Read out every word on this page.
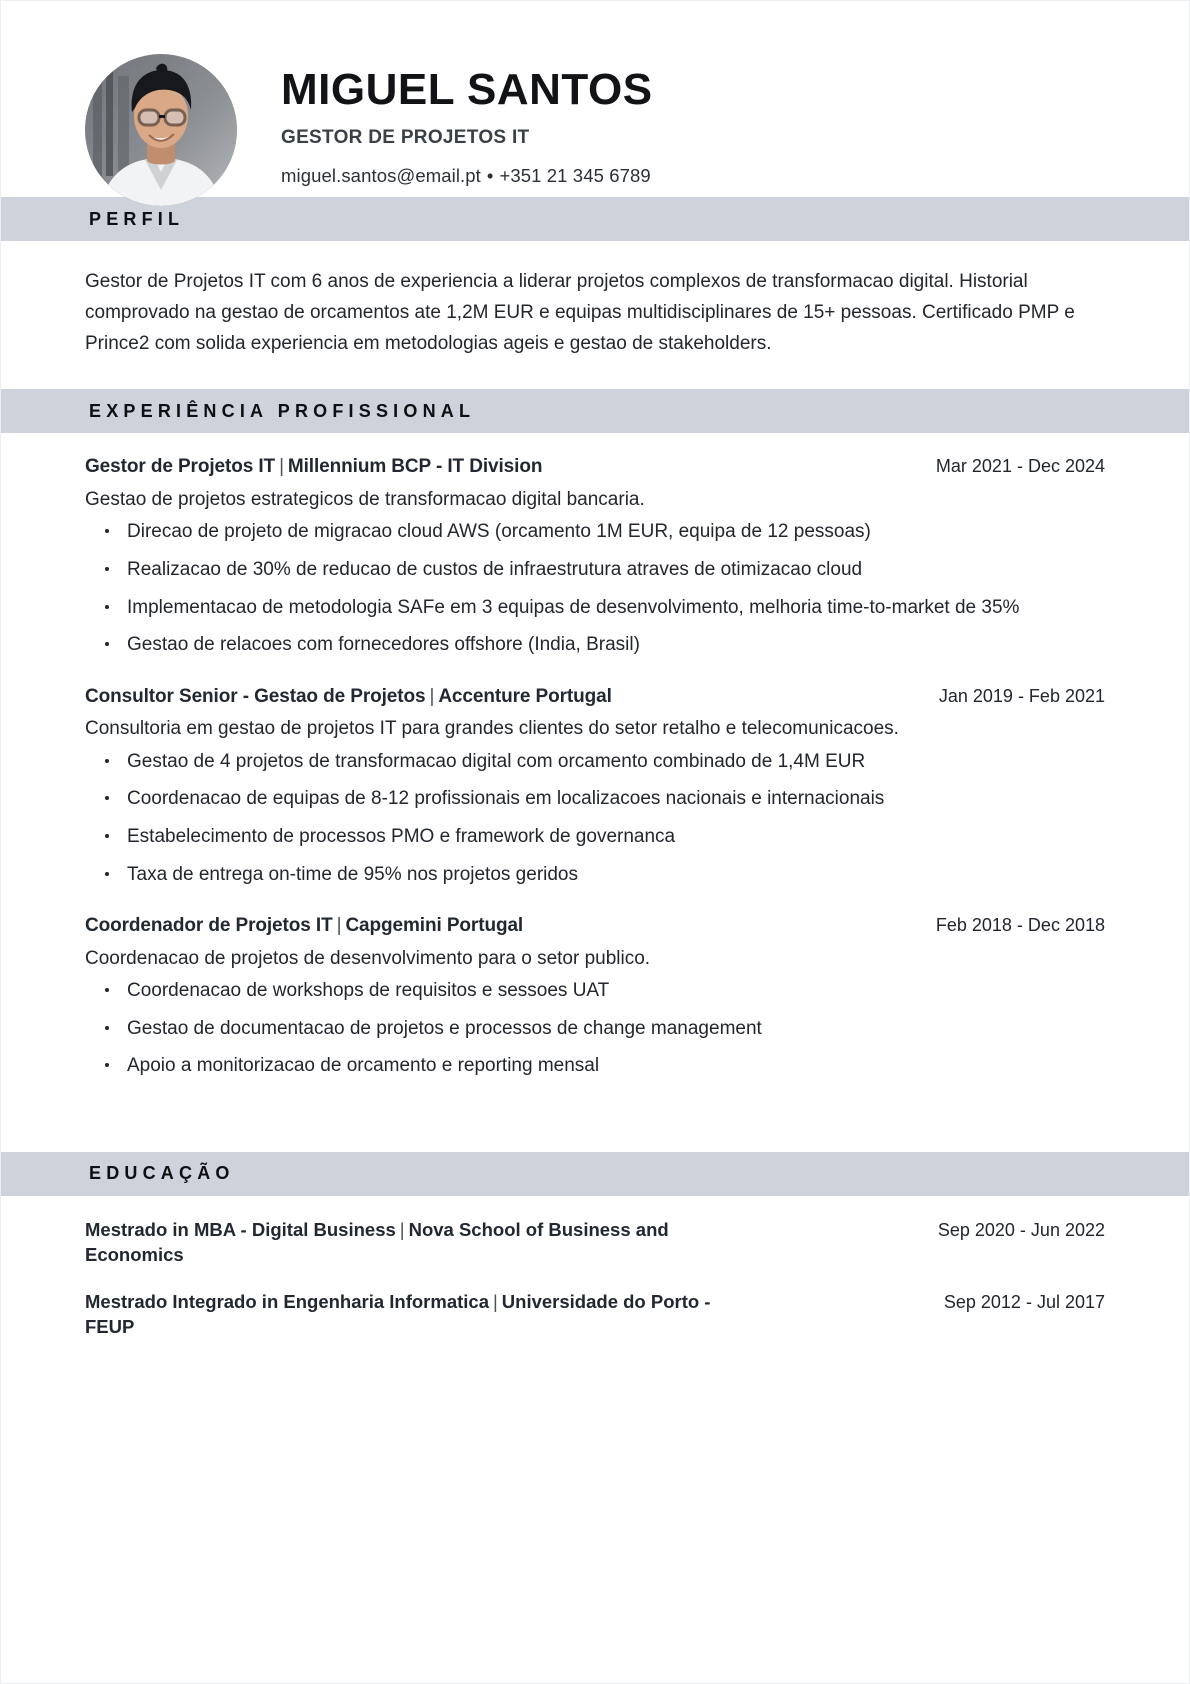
MIGUEL SANTOS
GESTOR DE PROJETOS IT
miguel.santos@email.pt • +351 21 345 6789
PERFIL

Gestor de Projetos IT com 6 anos de experiencia a liderar projetos complexos de transformacao digital. Historial comprovado na gestao de orcamentos ate 1,2M EUR e equipas multidisciplinares de 15+ pessoas. Certificado PMP e Prince2 com solida experiencia em metodologias ageis e gestao de stakeholders.

EXPERIÊNCIA PROFISSIONAL
Gestor de Projetos IT | Millennium BCP - IT Division	Mar 2021 - Dec 2024
Gestao de projetos estrategicos de transformacao digital bancaria.
Direcao de projeto de migracao cloud AWS (orcamento 1M EUR, equipa de 12 pessoas)
Realizacao de 30% de reducao de custos de infraestrutura atraves de otimizacao cloud
Implementacao de metodologia SAFe em 3 equipas de desenvolvimento, melhoria time-to-market de 35%
Gestao de relacoes com fornecedores offshore (India, Brasil)
Consultor Senior - Gestao de Projetos | Accenture Portugal	Jan 2019 - Feb 2021
Consultoria em gestao de projetos IT para grandes clientes do setor retalho e telecomunicacoes.
Gestao de 4 projetos de transformacao digital com orcamento combinado de 1,4M EUR
Coordenacao de equipas de 8-12 profissionais em localizacoes nacionais e internacionais
Estabelecimento de processos PMO e framework de governanca
Taxa de entrega on-time de 95% nos projetos geridos
Coordenador de Projetos IT | Capgemini Portugal	Feb 2018 - Dec 2018
Coordenacao de projetos de desenvolvimento para o setor publico.
Coordenacao de workshops de requisitos e sessoes UAT
Gestao de documentacao de projetos e processos de change management
Apoio a monitorizacao de orcamento e reporting mensal
EDUCAÇÃO
Mestrado in MBA - Digital Business | Nova School of Business and Economics
Sep 2020 - Jun 2022
Mestrado Integrado in Engenharia Informatica | Universidade do Porto - FEUP
Sep 2012 - Jul 2017
